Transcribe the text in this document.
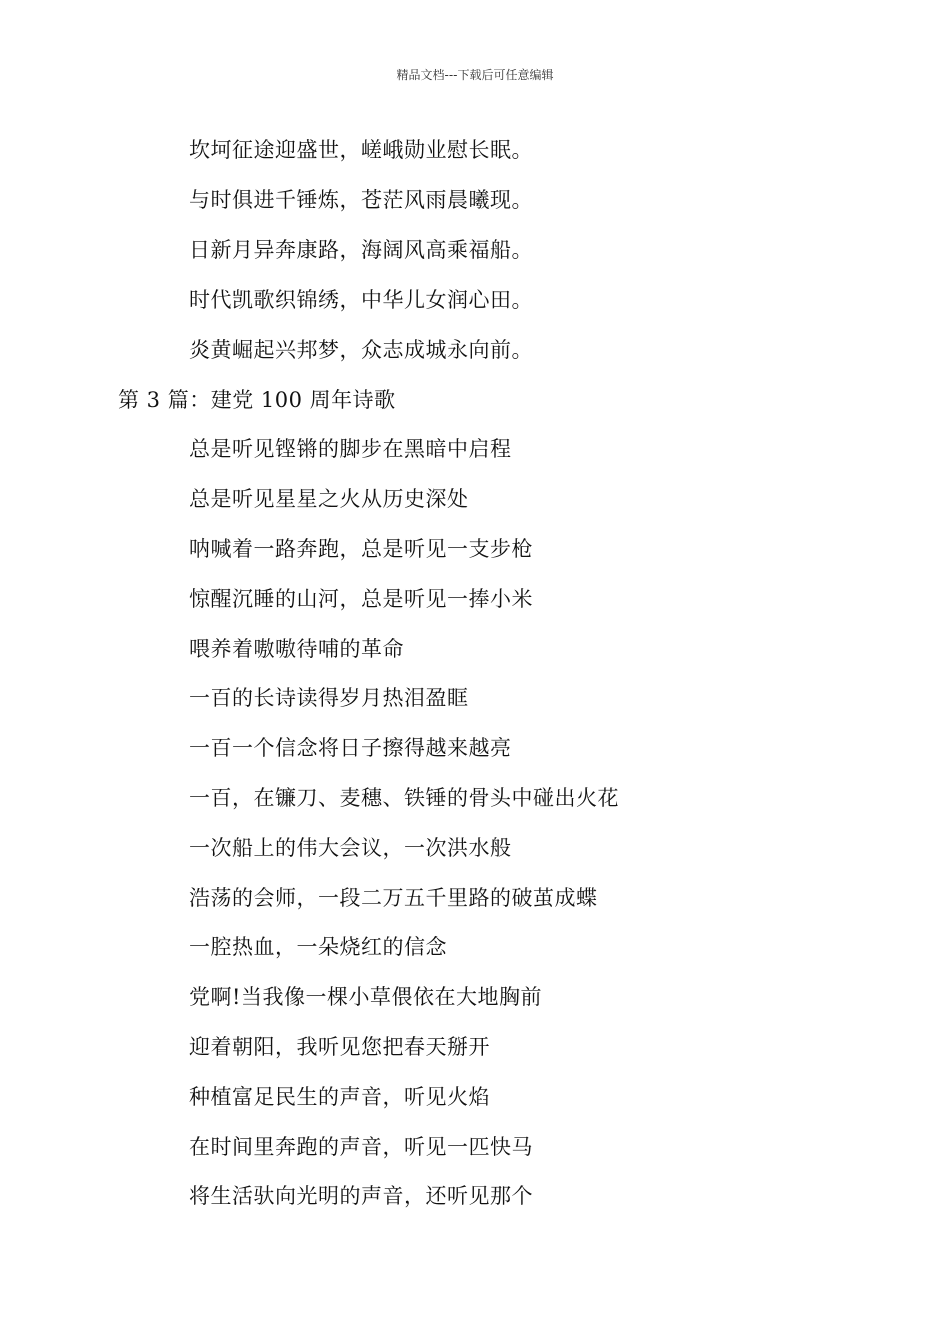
精品文档---下载后可任意编辑
坎坷征途迎盛世，嵯峨勋业慰长眠。
与时俱进千锤炼，苍茫风雨晨曦现。
日新月异奔康路，海阔风高乘福船。
时代凯歌织锦绣，中华儿女润心田。
炎黄崛起兴邦梦，众志成城永向前。
第 3 篇：建党 100 周年诗歌
总是听见铿锵的脚步在黑暗中启程
总是听见星星之火从历史深处
呐喊着一路奔跑，总是听见一支步枪
惊醒沉睡的山河，总是听见一捧小米
喂养着嗷嗷待哺的革命
一百的长诗读得岁月热泪盈眶
一百一个信念将日子擦得越来越亮
一百，在镰刀、麦穗、铁锤的骨头中碰出火花
一次船上的伟大会议，一次洪水般
浩荡的会师，一段二万五千里路的破茧成蝶
一腔热血，一朵烧红的信念
党啊!当我像一棵小草偎依在大地胸前
迎着朝阳，我听见您把春天掰开
种植富足民生的声音，听见火焰
在时间里奔跑的声音，听见一匹快马
将生活驮向光明的声音，还听见那个
